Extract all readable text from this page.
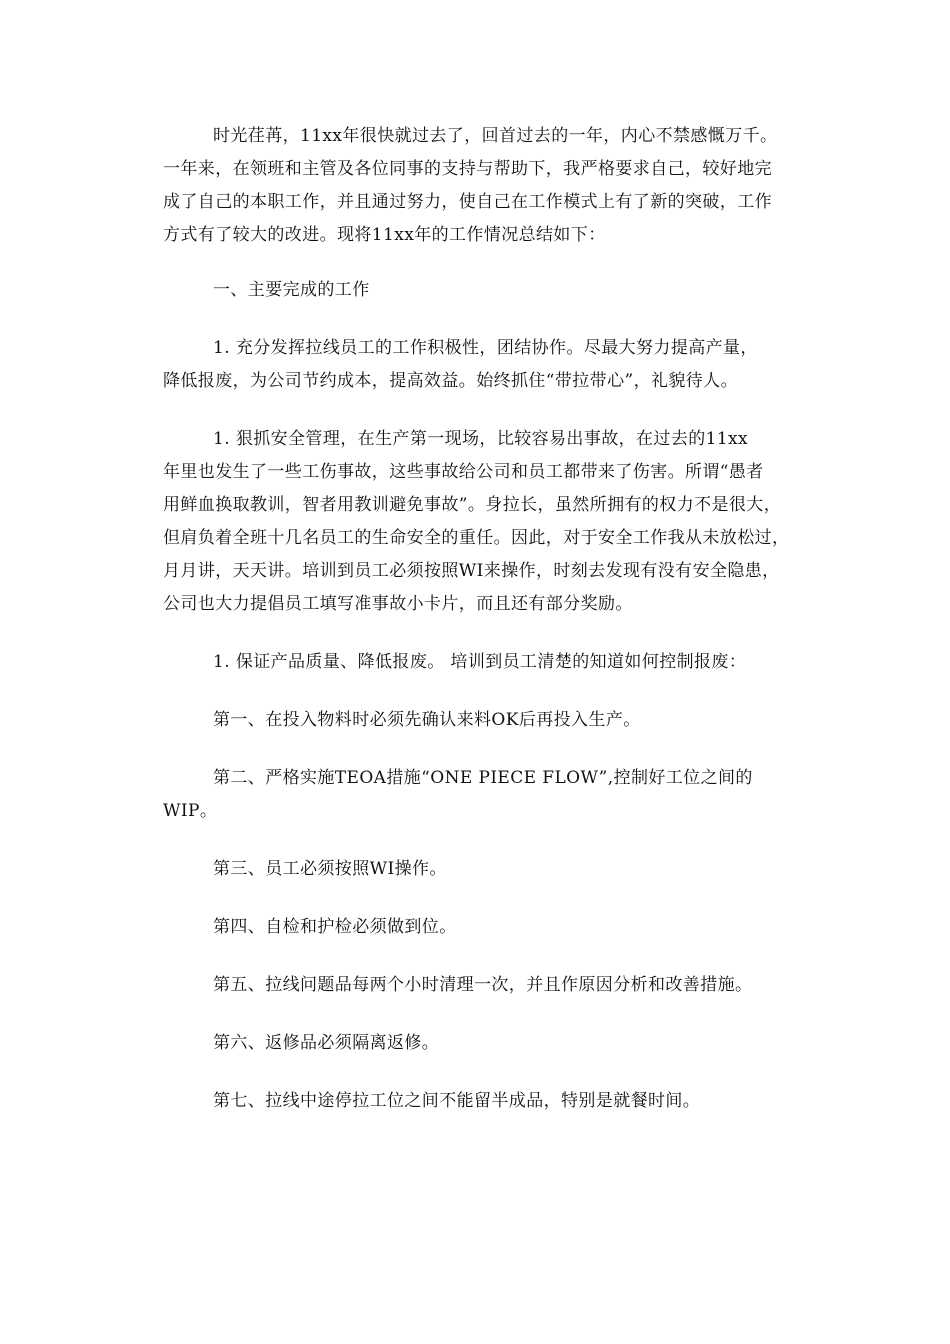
时光荏苒，11xx年很快就过去了，回首过去的一年，内心不禁感慨万千。
一年来，在领班和主管及各位同事的支持与帮助下，我严格要求自己，较好地完
成了自己的本职工作，并且通过努力，使自己在工作模式上有了新的突破，工作
方式有了较大的改进。现将11xx年的工作情况总结如下：

一、主要完成的工作

1. 充分发挥拉线员工的工作积极性，团结协作。尽最大努力提高产量，
降低报废，为公司节约成本，提高效益。始终抓住“带拉带心”，礼貌待人。

1. 狠抓安全管理，在生产第一现场，比较容易出事故，在过去的11xx
年里也发生了一些工伤事故，这些事故给公司和员工都带来了伤害。所谓“愚者
用鲜血换取教训，智者用教训避免事故”。身拉长，虽然所拥有的权力不是很大，
但肩负着全班十几名员工的生命安全的重任。因此，对于安全工作我从未放松过，
月月讲，天天讲。培训到员工必须按照WI来操作，时刻去发现有没有安全隐患，
公司也大力提倡员工填写准事故小卡片，而且还有部分奖励。

1. 保证产品质量、降低报废。 培训到员工清楚的知道如何控制报废：

第一、在投入物料时必须先确认来料OK后再投入生产。

第二、严格实施TEOA措施“ONE PIECE FLOW”,控制好工位之间的
WIP。

第三、员工必须按照WI操作。

第四、自检和护检必须做到位。

第五、拉线问题品每两个小时清理一次，并且作原因分析和改善措施。

第六、返修品必须隔离返修。

第七、拉线中途停拉工位之间不能留半成品，特别是就餐时间。
